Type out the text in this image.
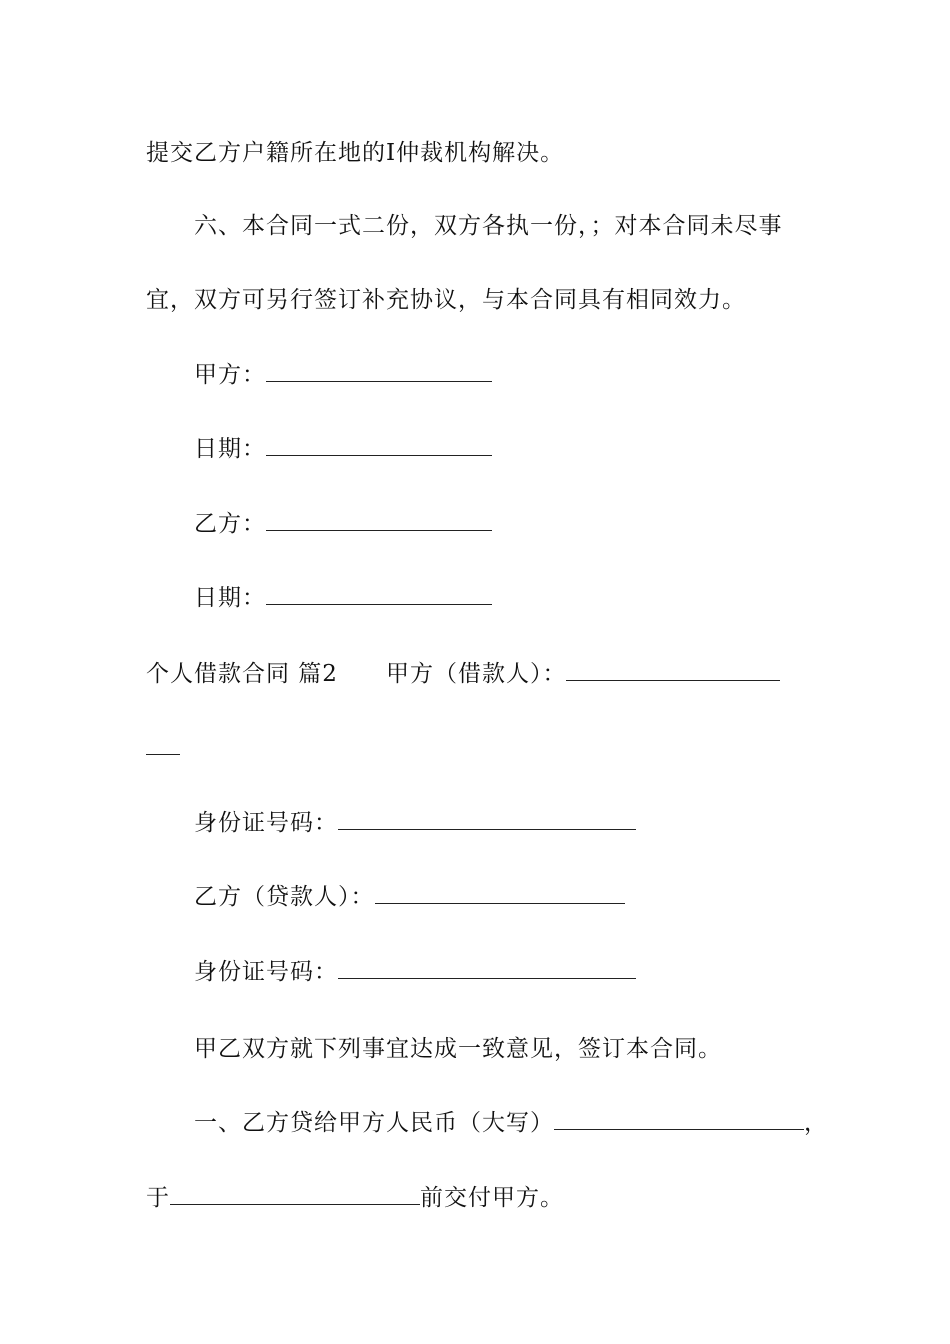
提交乙方户籍所在地的I仲裁机构解决。
六、本合同一式二份，双方各执一份，；对本合同未尽事
宜，双方可另行签订补充协议，与本合同具有相同效力。
甲方：
日期：
乙方：
日期：
个人借款合同 篇2 甲方（借款人）：
身份证号码：
乙方（贷款人）：
身份证号码：
甲乙双方就下列事宜达成一致意见，签订本合同。
一、乙方贷给甲方人民币（大写）	，
于	前交付甲方。
